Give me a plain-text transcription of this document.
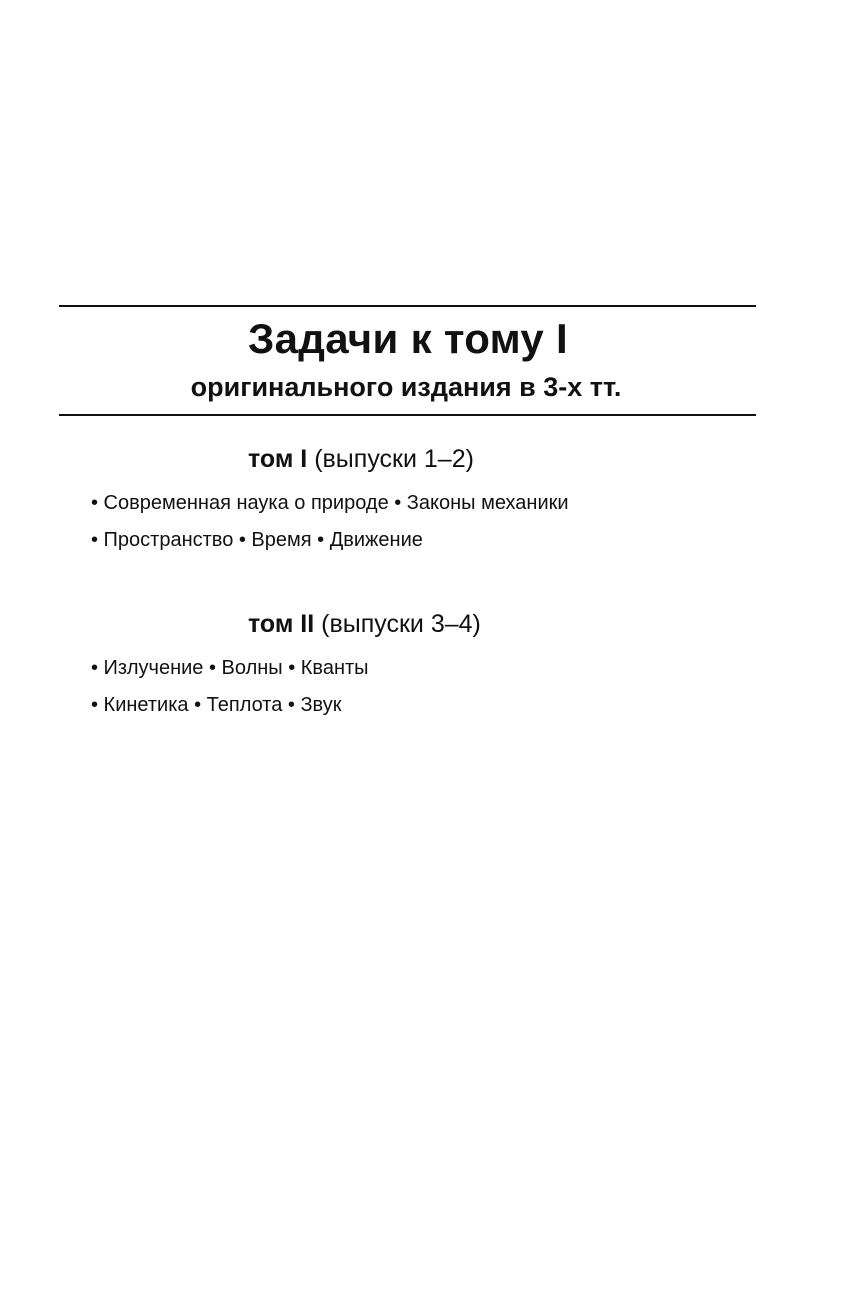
Задачи к тому I
оригинального издания в 3-х тт.
том I (выпуски 1–2)
• Современная наука о природе • Законы механики
• Пространство • Время • Движение
том II (выпуски 3–4)
• Излучение • Волны • Кванты
• Кинетика • Теплота • Звук
